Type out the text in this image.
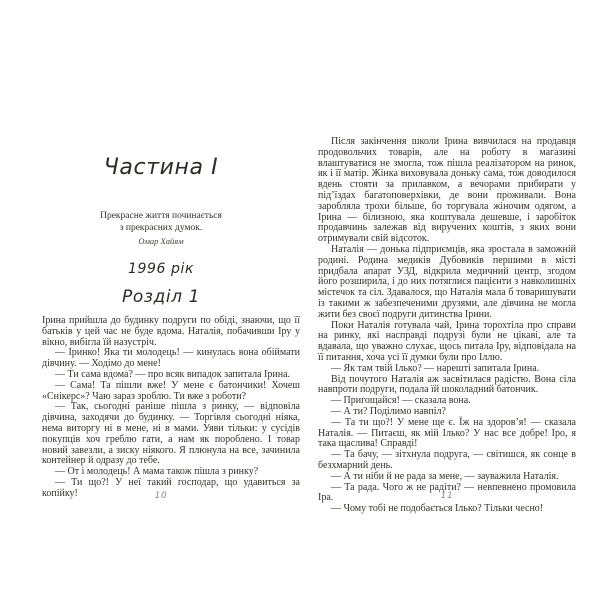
Частина I
Прекрасне життя починається
з прекрасних думок.
Омар Хайям
1996 рік
Розділ 1

Ірина прийшла до будинку подруги по обіді, знаючи, що її батьків у цей час не буде вдома. Наталія, побачивши Іру у вікно, вибігла їй назустріч.

— Іринко! Яка ти молодець! — кинулась вона обіймати дівчину. — Ходімо до мене!

— Ти сама вдома? — про всяк випадок запитала Ірина.

— Сама! Та пішли вже! У мене є батончики! Хочеш «Снікерс»? Чаю зараз зроблю. Ти вже з роботи?

— Так, сьогодні раніше пішла з ринку, — відповіла дівчина, заходячи до будинку. — Торгівля сьогодні ніяка, нема виторгу ні в мене, ні в мами. Уяви тільки: у сусідів покупців хоч греблю гати, а нам як пороблено. І товар новий завезли, а зиску ніякого. Я плюнула на все, зачинила контейнер й одразу до тебе.

— От і молодець! А мама також пішла з ринку?

— Ти що?! У неї такий господар, що удавиться за копійку!	10

Після закінчення школи Ірина вивчилася на продавця продовольчих товарів, але на роботу в магазині влаштуватися не змогла, тож пішла реалізатором на ринок, як і її матір. Жінка виховувала доньку сама, тож доводилося вдень стояти за прилавком, а вечорами прибирати у під’їздах багатоповерхівки, де вони проживали. Вона заробляла трохи більше, бо торгувала жіночим одягом, а Ірина — білизною, яка коштувала дешевше, і заробіток продавчинь залежав від виручених коштів, з яких вони отримували свій відсоток.

Наталія — донька підприємців, яка зростала в заможній родині. Родина медиків Дубовиків першими в місті придбала апарат УЗД, відкрила медичний центр, згодом його розширила, і до них потяглися пацієнти з навколишніх містечок та сіл. Здавалося, що Наталія мала б товаришувати із такими ж забезпеченими друзями, але дівчина не могла жити без своєї подруги дитинства Ірини.

Поки Наталія готувала чай, Ірина торохтіла про справи на ринку, які насправді подрузі були не цікаві, але та вдавала, що уважно слухає, щось питала Іру, відповідала на її питання, хоча усі її думки були про Іллю.

— Як там твій Ілько? — нарешті запитала Ірина.

Від почутого Наталія аж засвітилася радістю. Вона сіла навпроти подруги, подала їй шоколадний батончик.

— Пригощайся! — сказала вона.

— А ти? Поділимо навпіл?

— Та ти що?! У мене ще є. Їж на здоров’я! — сказала Наталія. — Питаєш, як мій Ілько? У нас все добре! Іро, я така щаслива! Справді!

— Та бачу, — зітхнула подруга, — світишся, як сонце в безхмарний день.

— А ти ніби й не рада за мене, — зауважила Наталія.

— Та рада. Чого ж не радіти? — невпевнено промовила Іра.

— Чому тобі не подобається Ілько? Тільки чесно!

11
